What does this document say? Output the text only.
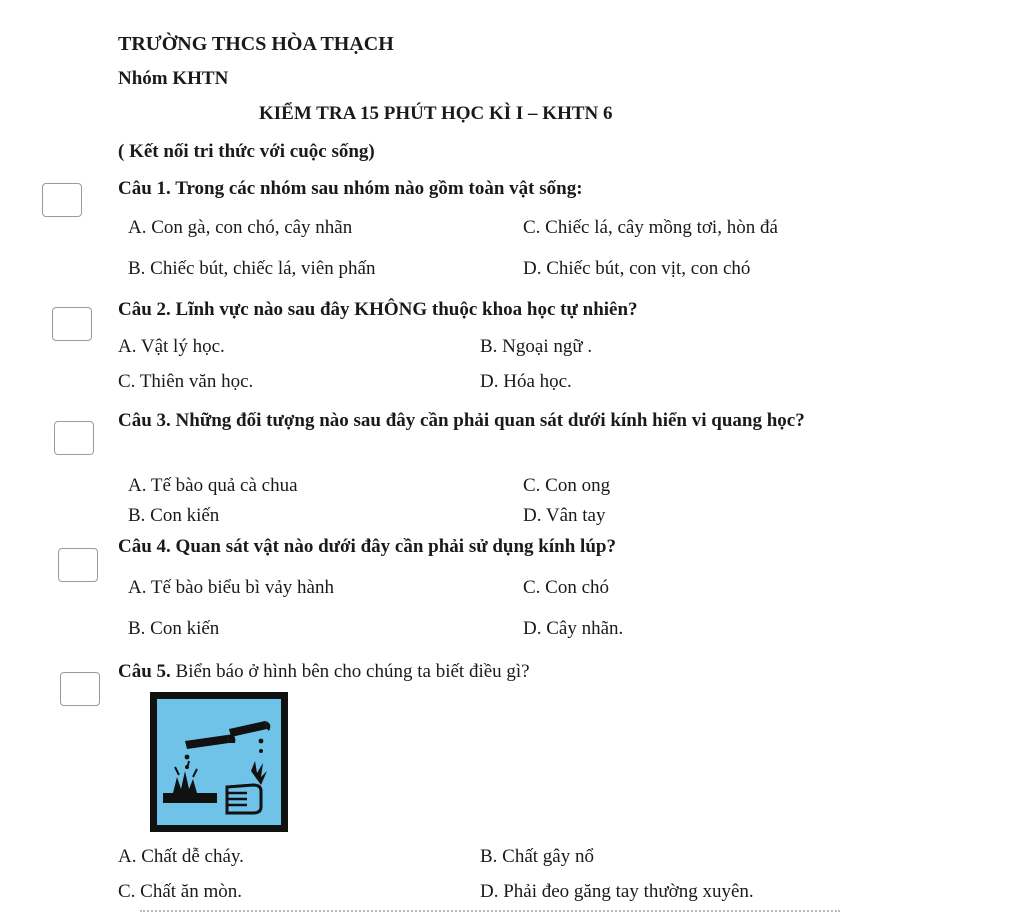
TRƯỜNG THCS HÒA THẠCH
Nhóm KHTN
KIỂM TRA 15 PHÚT HỌC KÌ I – KHTN 6
( Kết nối tri thức với cuộc sống)
Câu 1. Trong các nhóm sau nhóm nào gồm toàn vật sống:
A. Con gà, con chó, cây nhãn	C. Chiếc lá, cây mồng tơi, hòn đá
B. Chiếc bút, chiếc lá, viên phấn	D. Chiếc bút, con vịt, con chó
Câu 2. Lĩnh vực nào sau đây KHÔNG thuộc khoa học tự nhiên?
A. Vật lý học.	B. Ngoại ngữ .
C. Thiên văn học.	D. Hóa học.
Câu 3. Những đối tượng nào sau đây cần phải quan sát dưới kính hiển vi quang học?
A. Tế bào quả cà chua	C. Con ong
B. Con kiến	D. Vân tay
Câu 4. Quan sát vật nào dưới đây cần phải sử dụng kính lúp?
A. Tế bào biểu bì vảy hành	C. Con chó
B. Con kiến	D. Cây nhãn.
Câu 5. Biển báo ở hình bên cho chúng ta biết điều gì?
A. Chất dễ cháy.	B. Chất gây nổ
C. Chất ăn mòn.	D. Phải đeo găng tay thường xuyên.
